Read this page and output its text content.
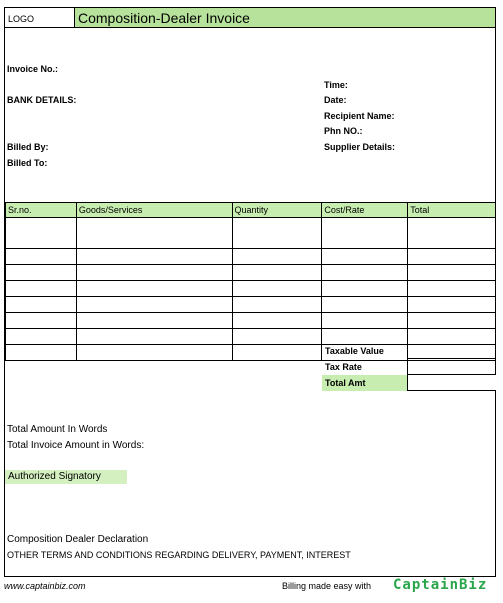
LOGO	Composition-Dealer Invoice
Invoice No.:
BANK DETAILS:
Billed By:
Billed To:
Time:
Date:
Recipient Name:
Phn NO.:
Supplier Details:
Sr.no.	Goods/Services	Quantity	Cost/Rate	Total

Taxable Value
Tax Rate
Total Amt
Total Amount In Words
Total Invoice Amount in Words:
Authorized Signatory
Composition Dealer Declaration
OTHER TERMS AND CONDITIONS REGARDING DELIVERY, PAYMENT, INTEREST
www.captainbiz.com	Billing made easy with CaptainBiz
